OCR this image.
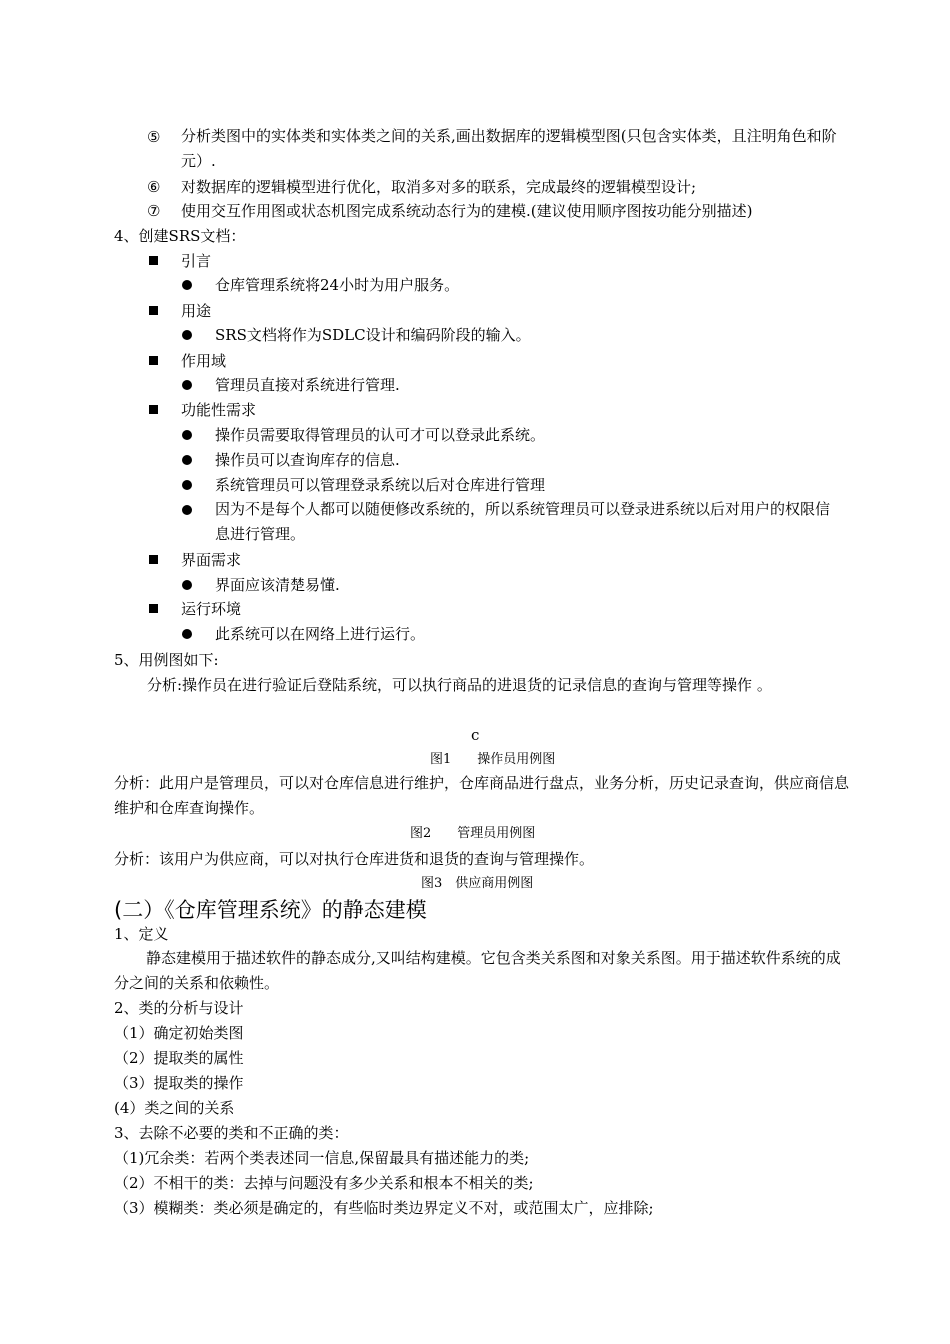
⑤ 分析类图中的实体类和实体类之间的关系,画出数据库的逻辑模型图(只包含实体类，且注明角色和阶元）.
⑥ 对数据库的逻辑模型进行优化，取消多对多的联系，完成最终的逻辑模型设计;
⑦ 使用交互作用图或状态机图完成系统动态行为的建模.(建议使用顺序图按功能分别描述)
4、创建SRS文档：
引言
仓库管理系统将24小时为用户服务。
用途
SRS文档将作为SDLC设计和编码阶段的输入。
作用域
管理员直接对系统进行管理.
功能性需求
操作员需要取得管理员的认可才可以登录此系统。
操作员可以查询库存的信息.
系统管理员可以管理登录系统以后对仓库进行管理
因为不是每个人都可以随便修改系统的，所以系统管理员可以登录进系统以后对用户的权限信息进行管理。
界面需求
界面应该清楚易懂.
运行环境
此系统可以在网络上进行运行。
5、用例图如下:
分析:操作员在进行验证后登陆系统，可以执行商品的进退货的记录信息的查询与管理等操作 。
c
图1　　操作员用例图
分析：此用户是管理员，可以对仓库信息进行维护，仓库商品进行盘点，业务分析，历史记录查询，供应商信息维护和仓库查询操作。
图2　　管理员用例图
分析：该用户为供应商，可以对执行仓库进货和退货的查询与管理操作。
图3　供应商用例图
(二）《仓库管理系统》的静态建模
1、定义
静态建模用于描述软件的静态成分,又叫结构建模。它包含类关系图和对象关系图。用于描述软件系统的成分之间的关系和依赖性。
2、类的分析与设计
（1）确定初始类图
（2）提取类的属性
（3）提取类的操作
(4）类之间的关系
3、去除不必要的类和不正确的类：
（1)冗余类：若两个类表述同一信息,保留最具有描述能力的类;
（2）不相干的类：去掉与问题没有多少关系和根本不相关的类;
（3）模糊类：类必须是确定的，有些临时类边界定义不对，或范围太广，应排除;
